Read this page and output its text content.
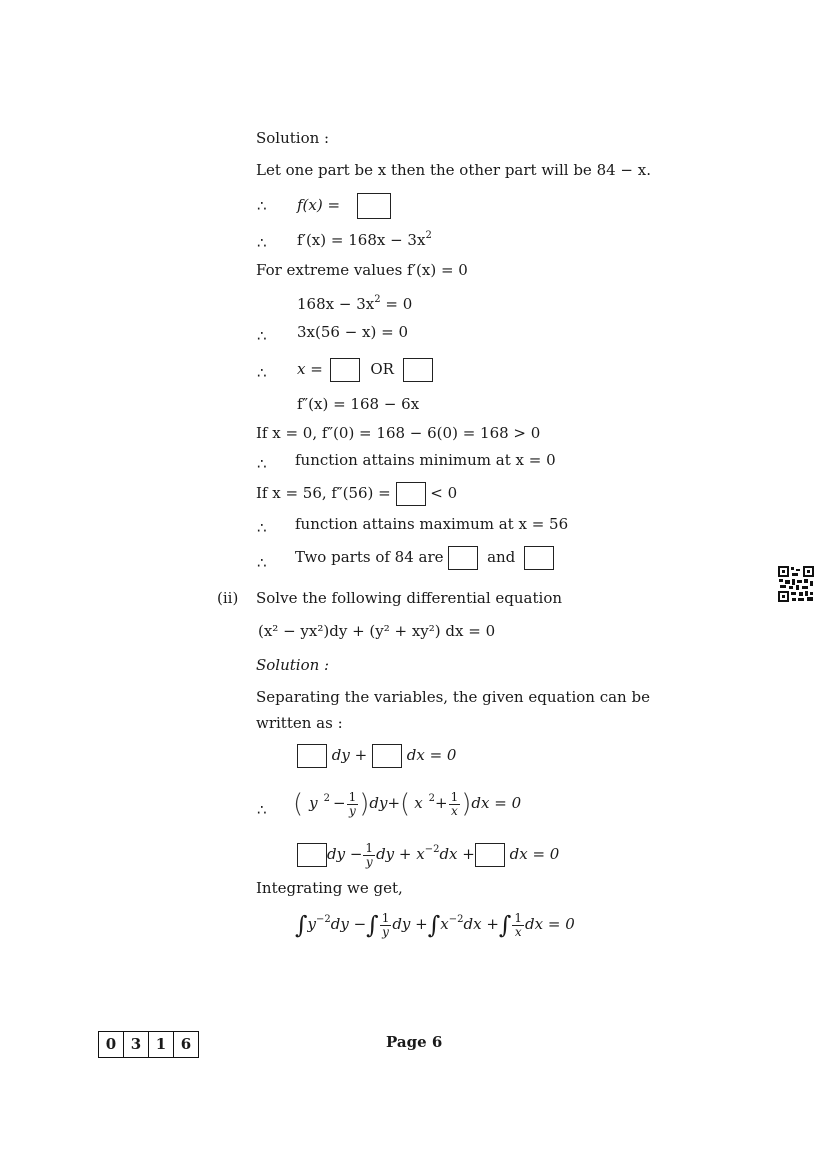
Solution :
Let one part be x then the other part will be 84 − x.
∴ f(x) =
∴ $f'(x) = 168x - 3x^2$
For extreme values f′(x) = 0
$168x - 3x^2 = 0$
∴ 3x(56 − x) = 0
∴ x =	OR
f″(x) = 168 − 6x
If x = 0, f″(0) = 168 − 6(0) = 168 > 0
∴ function attains minimum at x = 0
If x = 56, f″(56) =	< 0
∴ function attains maximum at x = 56
∴ Two parts of 84 are	and
(ii) Solve the following differential equation
(x² − yx²)dy + (y² + xy²) dx = 0
Solution :
Separating the variables, the given equation can be
written as :
dy +	dx = 0
∴ ( y $^2 - \frac{1}{y} )dy+$( x $^2+ \frac{1}{x} )dx = 0$
dy − $\frac{1}{y}$ dy + $x^{-2}dx$ + dx = 0
Integrating we get,
$\int y^{-2}dy$ −∫ $\frac{1}{y}$ dy $+\int x^{-2}dx$ +∫ $\frac{1}{x}$ dx = 0
0 3 1 6	Page 6
